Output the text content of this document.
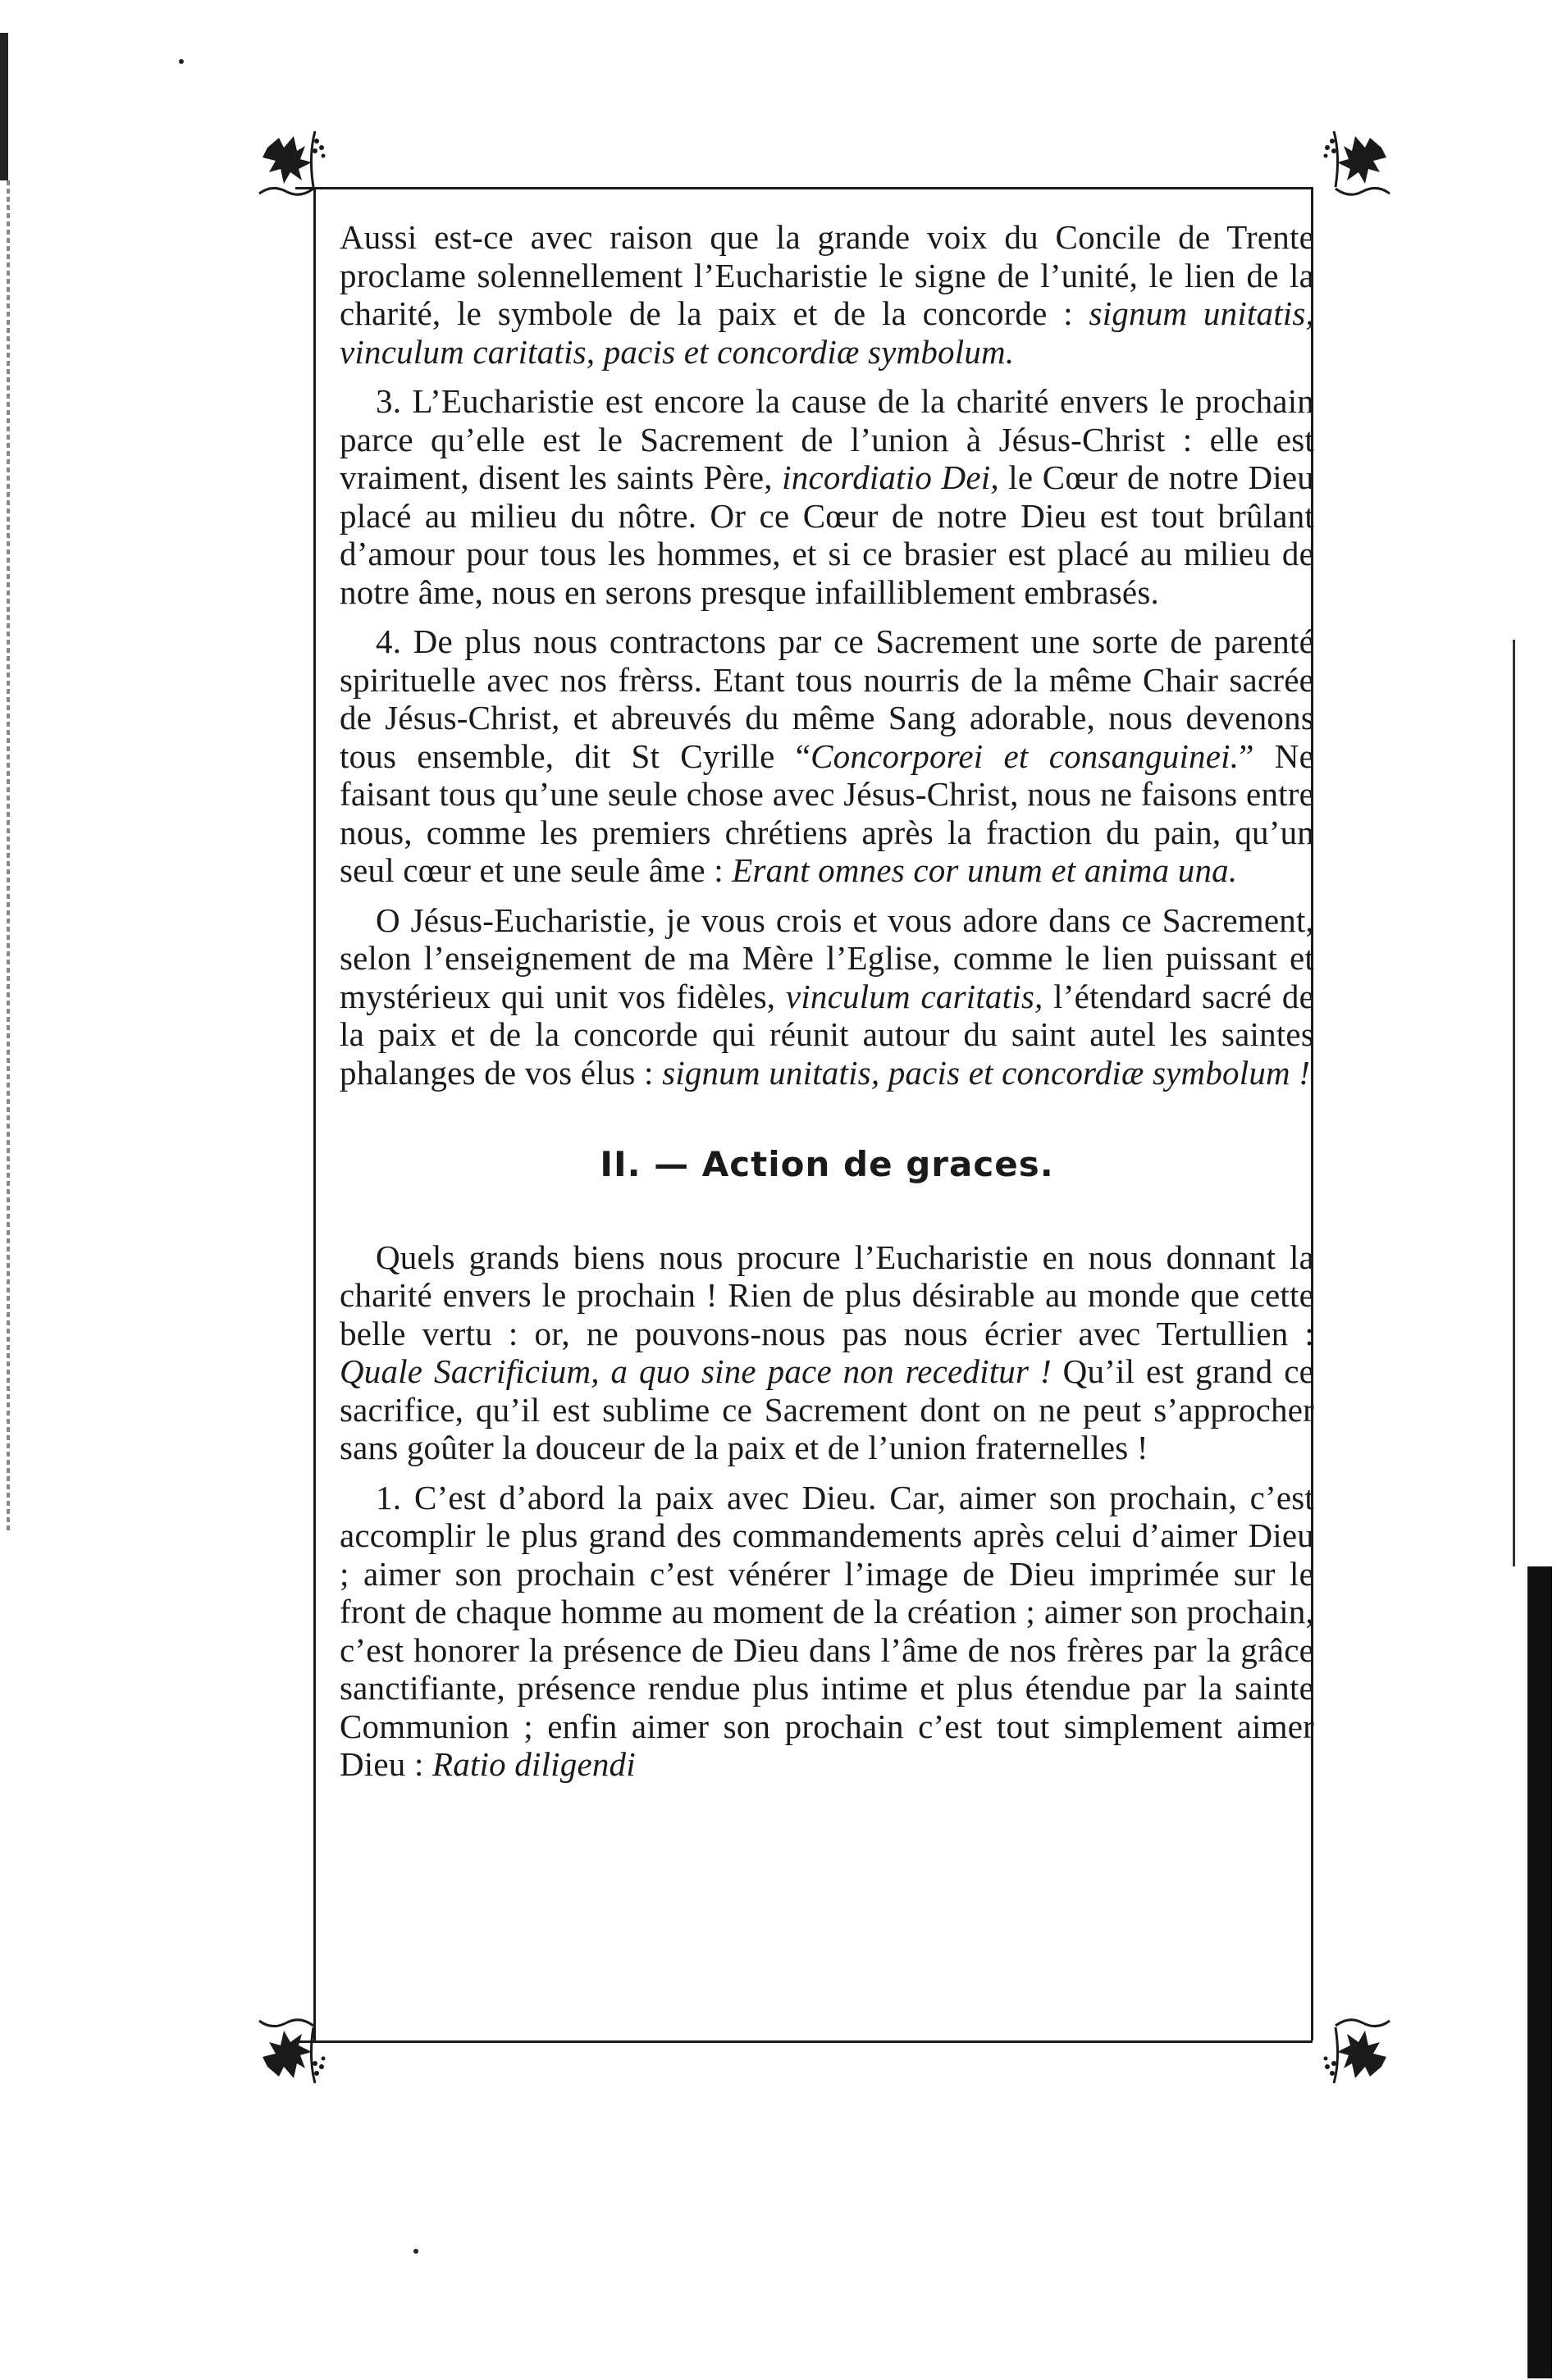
Aussi est-ce avec raison que la grande voix du Concile de Trente proclame solennellement l’Eucharistie le signe de l’unité, le lien de la charité, le symbole de la paix et de la concorde : signum unitatis, vinculum caritatis, pacis et concordiæ symbolum.

3. L’Eucharistie est encore la cause de la charité envers le prochain parce qu’elle est le Sacrement de l’union à Jésus-Christ : elle est vraiment, disent les saints Père, incordiatio Dei, le Cœur de notre Dieu placé au milieu du nôtre. Or ce Cœur de notre Dieu est tout brûlant d’amour pour tous les hommes, et si ce brasier est placé au milieu de notre âme, nous en serons presque infailliblement embrasés.

4. De plus nous contractons par ce Sacrement une sorte de parenté spirituelle avec nos frèrss. Etant tous nourris de la même Chair sacrée de Jésus-Christ, et abreuvés du même Sang adorable, nous devenons tous ensemble, dit St Cyrille “Concorporei et consanguinei.” Ne faisant tous qu’une seule chose avec Jésus-Christ, nous ne faisons entre nous, comme les premiers chrétiens après la fraction du pain, qu’un seul cœur et une seule âme : Erant omnes cor unum et anima una.

O Jésus-Eucharistie, je vous crois et vous adore dans ce Sacrement, selon l’enseignement de ma Mère l’Eglise, comme le lien puissant et mystérieux qui unit vos fidèles, vinculum caritatis, l’étendard sacré de la paix et de la concorde qui réunit autour du saint autel les saintes phalanges de vos élus : signum unitatis, pacis et concordiæ symbolum !

II. — Action de graces.

Quels grands biens nous procure l’Eucharistie en nous donnant la charité envers le prochain ! Rien de plus désirable au monde que cette belle vertu : or, ne pouvons-nous pas nous écrier avec Tertullien : Quale Sacrificium, a quo sine pace non receditur ! Qu’il est grand ce sacrifice, qu’il est sublime ce Sacrement dont on ne peut s’approcher sans goûter la douceur de la paix et de l’union fraternelles !

1. C’est d’abord la paix avec Dieu. Car, aimer son prochain, c’est accomplir le plus grand des commandements après celui d’aimer Dieu ; aimer son prochain c’est vénérer l’image de Dieu imprimée sur le front de chaque homme au moment de la création ; aimer son prochain, c’est honorer la présence de Dieu dans l’âme de nos frères par la grâce sanctifiante, présence rendue plus intime et plus étendue par la sainte Communion ; enfin aimer son prochain c’est tout simplement aimer Dieu : Ratio diligendi
